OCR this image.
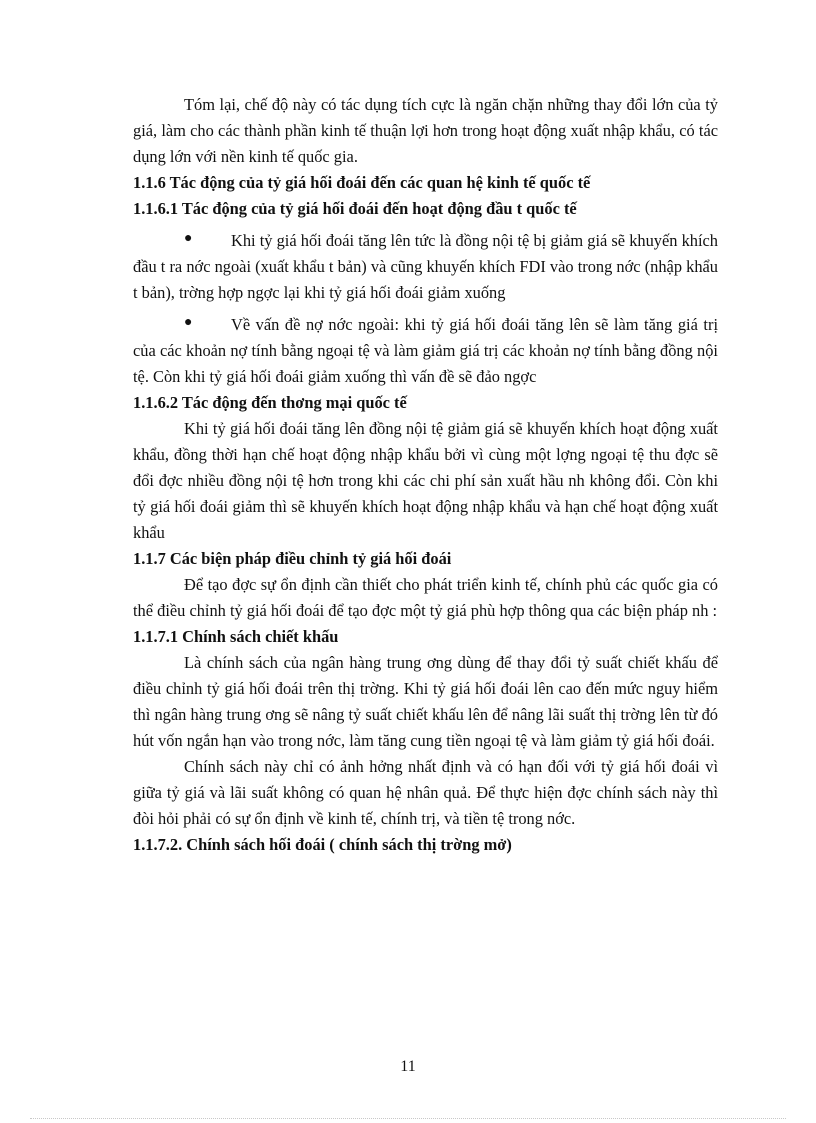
Tóm lại, chế độ này có tác dụng tích cực là ngăn chặn những thay đổi lớn của tỷ giá, làm cho các thành phần kinh tế thuận lợi hơn trong hoạt động xuất nhập khẩu, có tác dụng lớn với nền kinh tế quốc gia.

1.1.6 Tác động của tỷ giá hối đoái đến các quan hệ kinh tế quốc tế
1.1.6.1 Tác động của tỷ giá hối đoái đến hoạt động đầu t quốc tế

● Khi tỷ giá hối đoái tăng lên tức là đồng nội tệ bị giảm giá sẽ khuyến khích đầu t ra nớc ngoài (xuất khẩu t bản) và cũng khuyến khích FDI vào trong nớc (nhập khẩu t bản), trờng hợp ngợc lại khi tỷ giá hối đoái giảm xuống

● Về vấn đề nợ nớc ngoài: khi tỷ giá hối đoái tăng lên sẽ làm tăng giá trị của các khoản nợ tính bằng ngoại tệ và làm giảm giá trị các khoản nợ tính bằng đồng nội tệ. Còn khi tỷ giá hối đoái giảm xuống thì vấn đề sẽ đảo ngợc

1.1.6.2 Tác động đến thơng mại quốc tế

Khi tỷ giá hối đoái tăng lên đồng nội tệ giảm giá sẽ khuyến khích hoạt động xuất khẩu, đồng thời hạn chế hoạt động nhập khẩu bởi vì cùng một lợng ngoại tệ thu đợc sẽ đổi đợc nhiều đồng nội tệ hơn trong khi các chi phí sản xuất hầu nh không đổi. Còn khi tỷ giá hối đoái giảm thì sẽ khuyến khích hoạt động nhập khẩu và hạn chế hoạt động xuất khẩu

1.1.7 Các biện pháp điều chỉnh tỷ giá hối đoái

Để tạo đợc sự ổn định cần thiết cho phát triển kinh tế, chính phủ các quốc gia có thể điều chỉnh tỷ giá hối đoái để tạo đợc một tỷ giá phù hợp thông qua các biện pháp nh :

1.1.7.1 Chính sách chiết khấu

Là chính sách của ngân hàng trung ơng dùng để thay đổi tỷ suất chiết khấu để điều chỉnh tỷ giá hối đoái trên thị trờng. Khi tỷ giá hối đoái lên cao đến mức nguy hiểm thì ngân hàng trung ơng sẽ nâng tỷ suất chiết khấu lên để nâng lãi suất thị trờng lên từ đó hút vốn ngắn hạn vào trong nớc, làm tăng cung tiền ngoại tệ và làm giảm tỷ giá hối đoái.

Chính sách này chỉ có ảnh hởng nhất định và có hạn đối với tỷ giá hối đoái vì giữa tỷ giá và lãi suất không có quan hệ nhân quả. Để thực hiện đợc chính sách này thì đòi hỏi phải có sự ổn định về kinh tế, chính trị, và tiền tệ trong nớc.

1.1.7.2. Chính sách hối đoái ( chính sách thị trờng mở)
11
